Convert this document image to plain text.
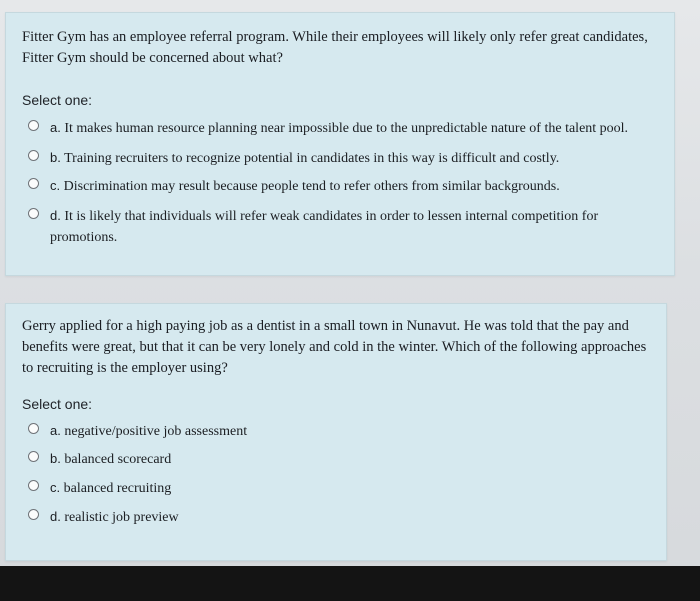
Fitter Gym has an employee referral program. While their employees will likely only refer great candidates, Fitter Gym should be concerned about what?
Select one:
a. It makes human resource planning near impossible due to the unpredictable nature of the talent pool.
b. Training recruiters to recognize potential in candidates in this way is difficult and costly.
c. Discrimination may result because people tend to refer others from similar backgrounds.
d. It is likely that individuals will refer weak candidates in order to lessen internal competition for promotions.
Gerry applied for a high paying job as a dentist in a small town in Nunavut. He was told that the pay and benefits were great, but that it can be very lonely and cold in the winter. Which of the following approaches to recruiting is the employer using?
Select one:
a. negative/positive job assessment
b. balanced scorecard
c. balanced recruiting
d. realistic job preview
